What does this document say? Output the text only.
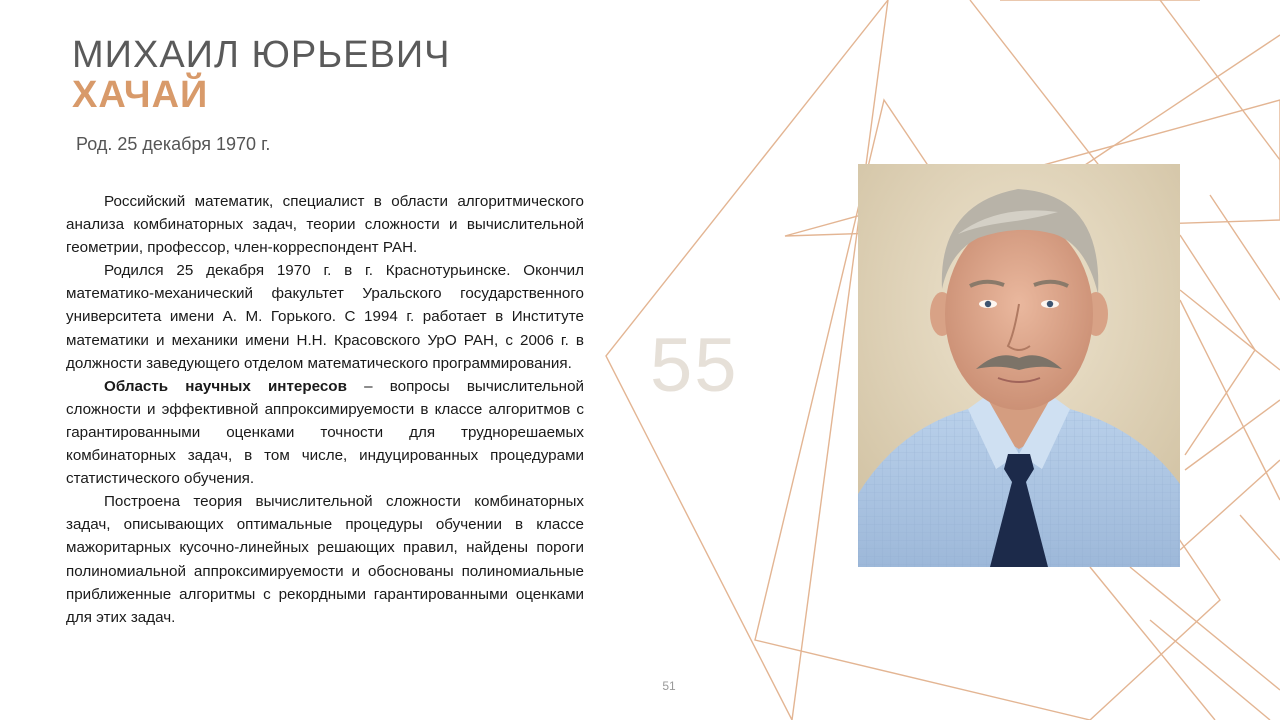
МИХАИЛ ЮРЬЕВИЧ
ХАЧАЙ
Род. 25 декабря 1970 г.

Российский математик, специалист в области алгоритмического анализа комбинаторных задач, теории сложности и вычислительной геометрии, профессор, член-корреспондент РАН.

Родился 25 декабря 1970 г. в г. Краснотурьинске. Окончил математико-механический факультет Уральского государственного университета имени А. М. Горького. С 1994 г. работает в Институте математики и механики имени Н.Н. Красовского УрО РАН, с 2006 г. в должности заведующего отделом математического программирования.

Область научных интересов – вопросы вычислительной сложности и эффективной аппроксимируемости в классе алгоритмов с гарантированными оценками точности для труднорешаемых комбинаторных задач, в том числе, индуцированных процедурами статистического обучения.

Построена теория вычислительной сложности комбинаторных задач, описывающих оптимальные процедуры обучении в классе мажоритарных кусочно-линейных решающих правил, найдены пороги полиномиальной аппроксимируемости и обоснованы полиномиальные приближенные алгоритмы с рекордными гарантированными оценками для этих задач.

55
51
